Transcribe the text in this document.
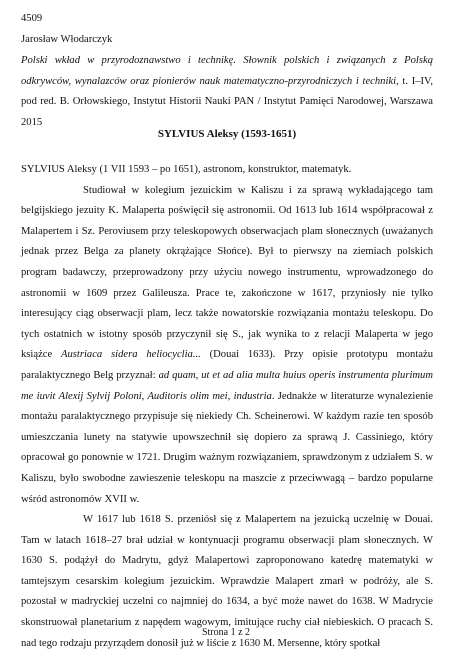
4509
Jarosław Włodarczyk
Polski wkład w przyrodoznawstwo i technikę. Słownik polskich i związanych z Polską odkrywców, wynalazców oraz pionierów nauk matematyczno-przyrodniczych i techniki, t. I–IV, pod red. B. Orłowskiego, Instytut Historii Nauki PAN / Instytut Pamięci Narodowej, Warszawa 2015
SYLVIUS Aleksy (1593-1651)

SYLVIUS Aleksy (1 VII 1593 – po 1651), astronom, konstruktor, matematyk.

Studiował w kolegium jezuickim w Kaliszu i za sprawą wykładającego tam belgijskiego jezuity K. Malaperta poświęcił się astronomii. Od 1613 lub 1614 współpracował z Malapertem i Sz. Peroviusem przy teleskopowych obserwacjach plam słonecznych (uważanych jednak przez Belga za planety okrążające Słońce). Był to pierwszy na ziemiach polskich program badawczy, przeprowadzony przy użyciu nowego instrumentu, wprowadzonego do astronomii w 1609 przez Galileusza. Prace te, zakończone w 1617, przyniosły nie tylko interesujący ciąg obserwacji plam, lecz także nowatorskie rozwiązania montażu teleskopu. Do tych ostatnich w istotny sposób przyczynił się S., jak wynika to z relacji Malaperta w jego książce Austriaca sidera heliocyclia... (Douai 1633). Przy opisie prototypu montażu paralaktycznego Belg przyznał: ad quam, ut et ad alia multa huius operis instrumenta plurimum me iuvit Alexij Sylvij Poloni, Auditoris olim mei, industria. Jednakże w literaturze wynalezienie montażu paralaktycznego przypisuje się niekiedy Ch. Scheinerowi. W każdym razie ten sposób umieszczania lunety na statywie upowszechnił się dopiero za sprawą J. Cassiniego, który opracował go ponownie w 1721. Drugim ważnym rozwiązaniem, sprawdzonym z udziałem S. w Kaliszu, było swobodne zawieszenie teleskopu na maszcie z przeciwwagą – bardzo popularne wśród astronomów XVII w.

W 1617 lub 1618 S. przeniósł się z Malapertem na jezuicką uczelnię w Douai. Tam w latach 1618–27 brał udział w kontynuacji programu obserwacji plam słonecznych. W 1630 S. podążył do Madrytu, gdyż Malapertowi zaproponowano katedrę matematyki w tamtejszym cesarskim kolegium jezuickim. Wprawdzie Malapert zmarł w podróży, ale S. pozostał w madryckiej uczelni co najmniej do 1634, a być może nawet do 1638. W Madrycie skonstruował planetarium z napędem wagowym, imitujące ruchy ciał niebieskich. O pracach S. nad tego rodzaju przyrządem donosił już w liście z 1630 M. Mersenne, który spotkał

Strona 1 z 2
